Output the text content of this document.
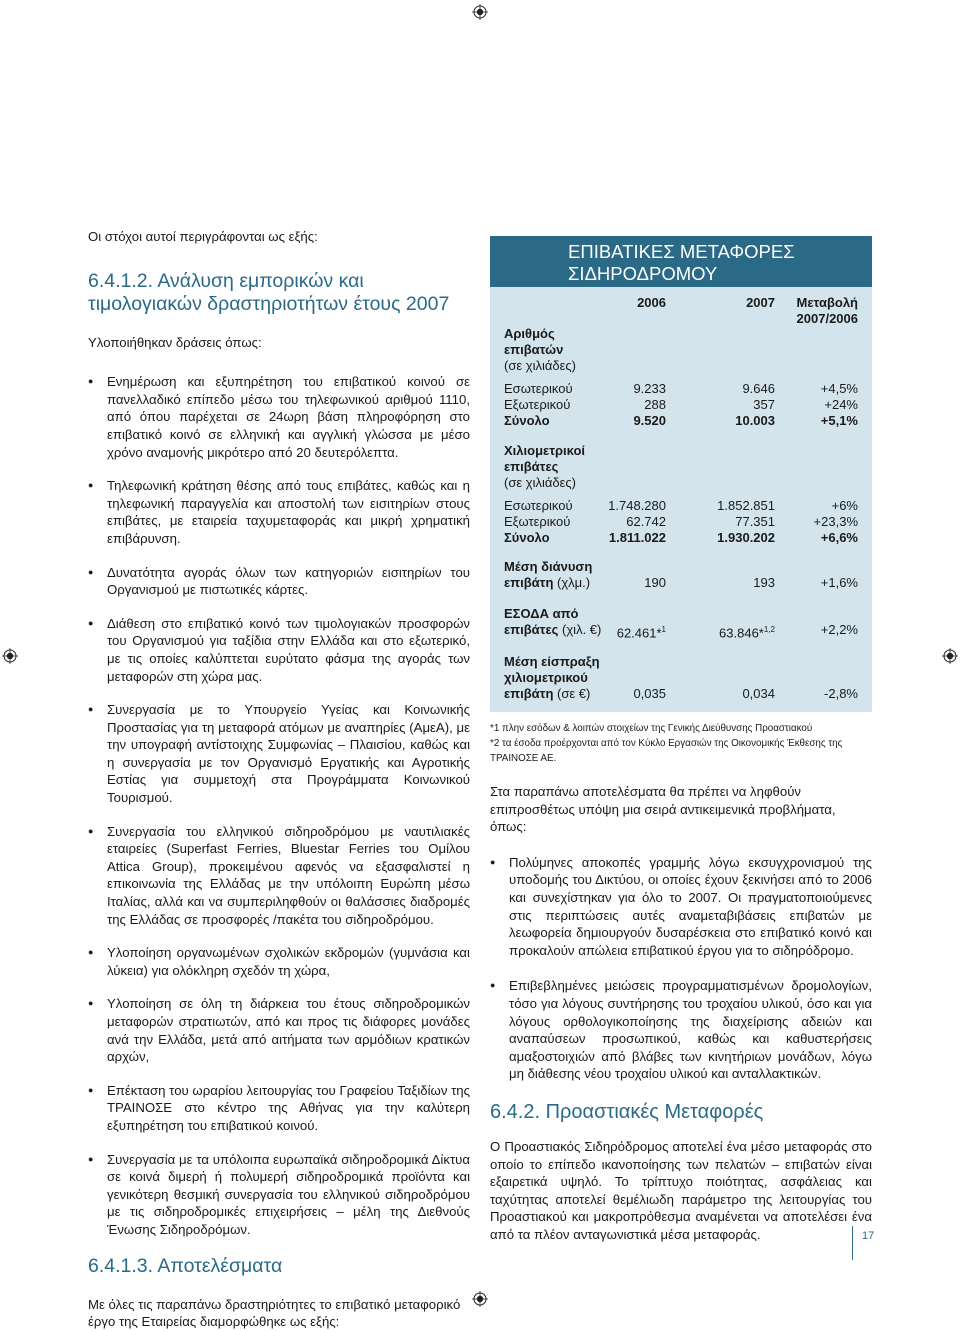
Οι στόχοι αυτοί περιγράφονται ως εξής:

6.4.1.2. Ανάλυση εμπορικών και τιμολογιακών δραστηριοτήτων έτους 2007

Υλοποιήθηκαν δράσεις όπως:

● Ενημέρωση και εξυπηρέτηση του επιβατικού κοινού σε πανελλαδικό επίπεδο μέσω του τηλεφωνικού αριθμού 1110, από όπου παρέχεται σε 24ωρη βάση πληροφόρηση στο επιβατικό κοινό σε ελληνική και αγγλική γλώσσα με μέσο χρόνο αναμονής μικρότερο από 20 δευτερόλεπτα.
● Τηλεφωνική κράτηση θέσης από τους επιβάτες, καθώς και η τηλεφωνική παραγγελία και αποστολή των εισιτηρίων στους επιβάτες, με εταιρεία ταχυμεταφοράς και μικρή χρηματική επιβάρυνση.
● Δυνατότητα αγοράς όλων των κατηγοριών εισιτηρίων του Οργανισμού με πιστωτικές κάρτες.
● Διάθεση στο επιβατικό κοινό των τιμολογιακών προσφορών του Οργανισμού για ταξίδια στην Ελλάδα και στο εξωτερικό, με τις οποίες καλύπτεται ευρύτατο φάσμα της αγοράς των μεταφορών στη χώρα μας.
● Συνεργασία με το Υπουργείο Υγείας και Κοινωνικής Προστασίας για τη μεταφορά ατόμων με αναπηρίες (ΑμεΑ), με την υπογραφή αντίστοιχης Συμφωνίας – Πλαισίου, καθώς και η συνεργασία με τον Οργανισμό Εργατικής και Αγροτικής Εστίας για συμμετοχή στα Προγράμματα Κοινωνικού Τουρισμού.
● Συνεργασία του ελληνικού σιδηροδρόμου με ναυτιλιακές εταιρείες (Superfast Ferries, Bluestar Ferries του Ομίλου Attica Group), προκειμένου αφενός να εξασφαλιστεί η επικοινωνία της Ελλάδας με την υπόλοιπη Ευρώπη μέσω Ιταλίας, αλλά και να συμπεριληφθούν οι θαλάσσιες διαδρομές της Ελλάδας σε προσφορές /πακέτα του σιδηροδρόμου.
● Υλοποίηση οργανωμένων σχολικών εκδρομών (γυμνάσια και λύκεια) για ολόκληρη σχεδόν τη χώρα,
● Υλοποίηση σε όλη τη διάρκεια του έτους σιδηροδρομικών μεταφορών στρατιωτών, από και προς τις διάφορες μονάδες ανά την Ελλάδα, μετά από αιτήματα των αρμόδιων κρατικών αρχών,
● Επέκταση του ωραρίου λειτουργίας του Γραφείου Ταξιδίων της ΤΡΑΙΝΟΣΕ στο κέντρο της Αθήνας για την καλύτερη εξυπηρέτηση του επιβατικού κοινού.
● Συνεργασία με τα υπόλοιπα ευρωπαϊκά σιδηροδρομικά Δίκτυα σε κοινά διμερή ή πολυμερή σιδηροδρομικά προϊόντα και γενικότερη θεσμική συνεργασία του ελληνικού σιδηροδρόμου με τις σιδηροδρομικές επιχειρήσεις – μέλη της Διεθνούς Ένωσης Σιδηροδρόμων.
6.4.1.3. Αποτελέσματα

Με όλες τις παραπάνω δραστηριότητες το επιβατικό μεταφορικό έργο της Εταιρείας διαμορφώθηκε ως εξής:

ΕΠΙΒΑΤΙΚΕΣ ΜΕΤΑΦΟΡΕΣ ΣΙΔΗΡΟΔΡΟΜΟΥ
2006	2007	Μεταβολή 2007/2006
Αριθμός επιβατών
(σε χιλιάδες)
Εσωτερικού	9.233	9.646	+4,5%
Εξωτερικού	288	357	+24%
Σύνολο	9.520	10.003	+5,1%
Χιλιομετρικοί επιβάτες
(σε χιλιάδες)
Εσωτερικού	1.748.280	1.852.851	+6%
Εξωτερικού	62.742	77.351	+23,3%
Σύνολο	1.811.022	1.930.202	+6,6%
Μέση διάνυση
επιβάτη (χλμ.)	190	193	+1,6%
ΕΣΟΔΑ από
επιβάτες (χιλ. €)	62.461*$^1$	63.846*$^{1,2}$	+2,2%
Μέση είσπραξη
χιλιομετρικού
επιβάτη (σε €)	0,035	0,034	-2,8%

*1 πλην εσόδων & λοιπών στοιχείων της Γενικής Διεύθυνσης Προαστιακού

*2 τα έσοδα προέρχονται από τον Κύκλο Εργασιών της Οικονομικής Έκθεσης της ΤΡΑΙΝΟΣΕ ΑΕ.

Στα παραπάνω αποτελέσματα θα πρέπει να ληφθούν επιπροσθέτως υπόψη μια σειρά αντικειμενικά προβλήματα, όπως:

● Πολύμηνες αποκοπές γραμμής λόγω εκσυγχρονισμού της υποδομής του Δικτύου, οι οποίες έχουν ξεκινήσει από το 2006 και συνεχίστηκαν για όλο το 2007. Οι πραγματοποιούμενες στις περιπτώσεις αυτές αναμεταβιβάσεις επιβατών με λεωφορεία δημιουργούν δυσαρέσκεια στο επιβατικό κοινό και προκαλούν απώλεια επιβατικού έργου για το σιδηρόδρομο.
● Επιβεβλημένες μειώσεις προγραμματισμένων δρομολογίων, τόσο για λόγους συντήρησης του τροχαίου υλικού, όσο και για λόγους ορθολογικοποίησης της διαχείρισης αδειών και αναπαύσεων προσωπικού, καθώς και καθυστερήσεις αμαξοστοιχιών από βλάβες των κινητήριων μονάδων, λόγω μη διάθεσης νέου τροχαίου υλικού και ανταλλακτικών.
6.4.2. Προαστιακές Μεταφορές

Ο Προαστιακός Σιδηρόδρομος αποτελεί ένα μέσο μεταφοράς στο οποίο το επίπεδο ικανοποίησης των πελατών – επιβατών είναι εξαιρετικά υψηλό. Το τρίπτυχο ποιότητας, ασφάλειας και ταχύτητας αποτελεί θεμέλιωδη παράμετρο της λειτουργίας του Προαστιακού και μακροπρόθεσμα αναμένεται να αποτελέσει ένα από τα πλέον ανταγωνιστικά μέσα μεταφοράς.	17
